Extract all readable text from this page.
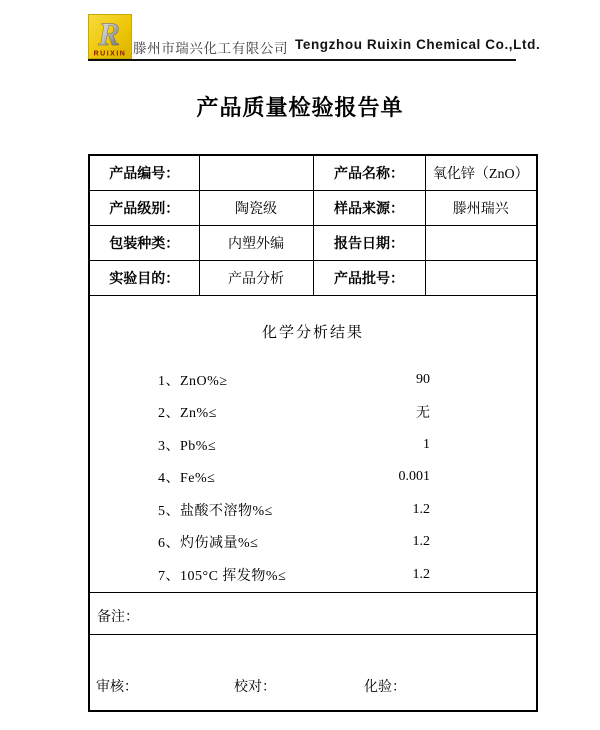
R
RUIXIN 滕州市瑞兴化工有限公司 Tengzhou Ruixin Chemical Co.,Ltd.
产品质量检验报告单
产品编号：		产品名称：	氧化锌（ZnO）
产品级别：	陶瓷级	样品来源：	滕州瑞兴
包装种类：	内塑外编	报告日期：	
实验目的：	产品分析	产品批号：	

化学分析结果
1、ZnO%≥	90
2、Zn%≤	无
3、Pb%≤	1
4、Fe%≤	0.001
5、盐酸不溶物%≤	1.2
6、灼伤减量%≤	1.2
7、105°C 挥发物%≤	1.2

备注：			

审核： 校对： 化验：			
